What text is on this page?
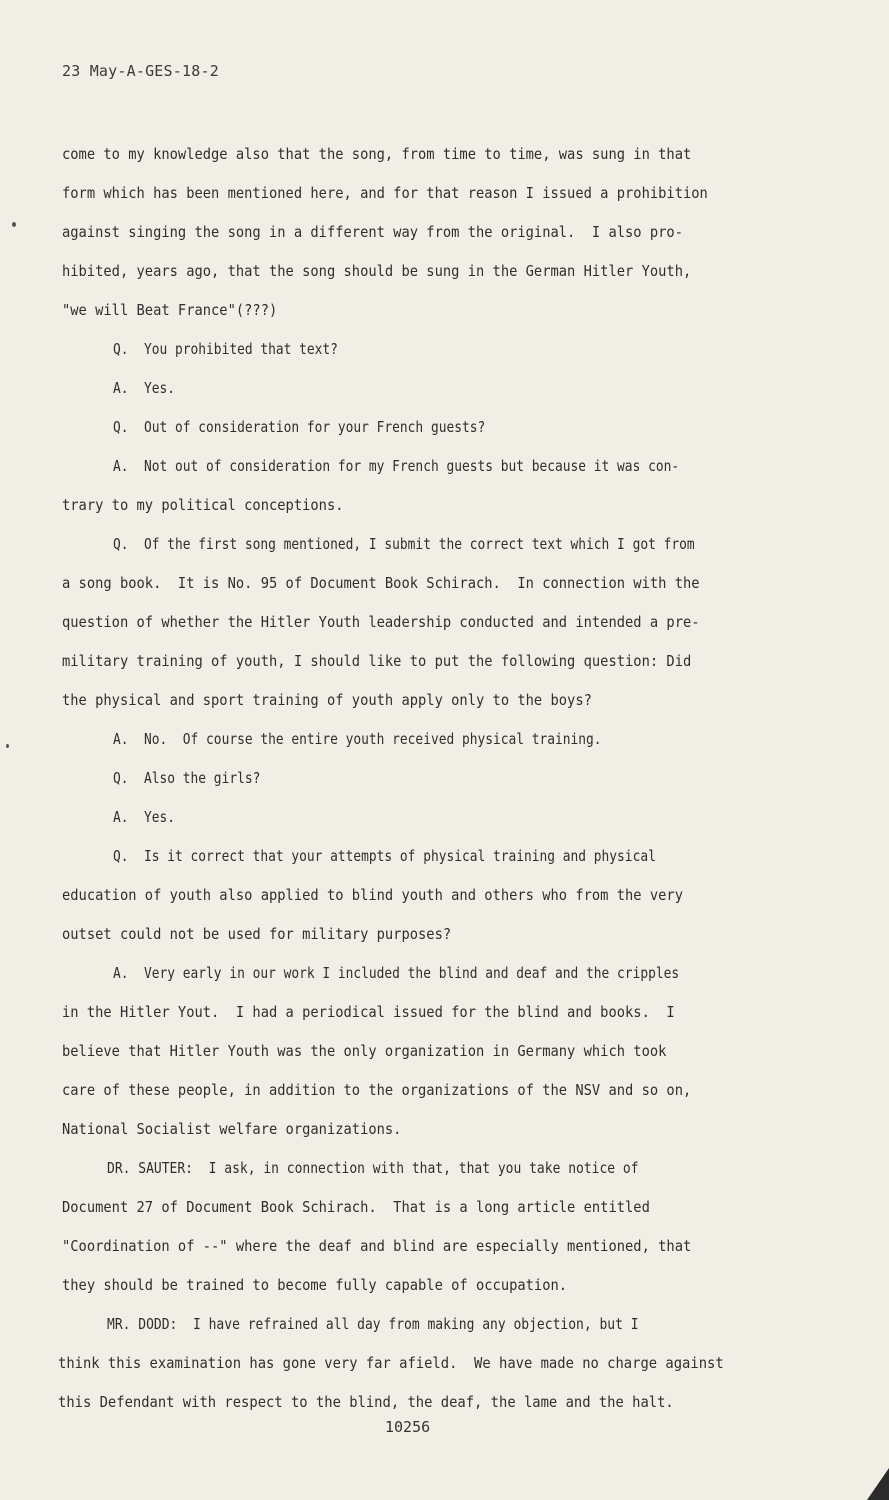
23 May-A-GES-18-2
come to my knowledge also that the song, from time to time, was sung in that
form which has been mentioned here, and for that reason I issued a prohibition
against singing the song in a different way from the original.  I also pro-
hibited, years ago, that the song should be sung in the German Hitler Youth,
"we will Beat France"(???)
Q.  You prohibited that text?
A.  Yes.
Q.  Out of consideration for your French guests?
A.  Not out of consideration for my French guests but because it was con-
trary to my political conceptions.
Q.  Of the first song mentioned, I submit the correct text which I got from
a song book.  It is No. 95 of Document Book Schirach.  In connection with the
question of whether the Hitler Youth leadership conducted and intended a pre-
military training of youth, I should like to put the following question: Did
the physical and sport training of youth apply only to the boys?
A.  No.  Of course the entire youth received physical training.
Q.  Also the girls?
A.  Yes.
Q.  Is it correct that your attempts of physical training and physical
education of youth also applied to blind youth and others who from the very
outset could not be used for military purposes?
A.  Very early in our work I included the blind and deaf and the cripples
in the Hitler Yout.  I had a periodical issued for the blind and books.  I
believe that Hitler Youth was the only organization in Germany which took
care of these people, in addition to the organizations of the NSV and so on,
National Socialist welfare organizations.
DR. SAUTER:  I ask, in connection with that, that you take notice of
Document 27 of Document Book Schirach.  That is a long article entitled
"Coordination of --" where the deaf and blind are especially mentioned, that
they should be trained to become fully capable of occupation.
MR. DODD:  I have refrained all day from making any objection, but I
think this examination has gone very far afield.  We have made no charge against
this Defendant with respect to the blind, the deaf, the lame and the halt.
10256
